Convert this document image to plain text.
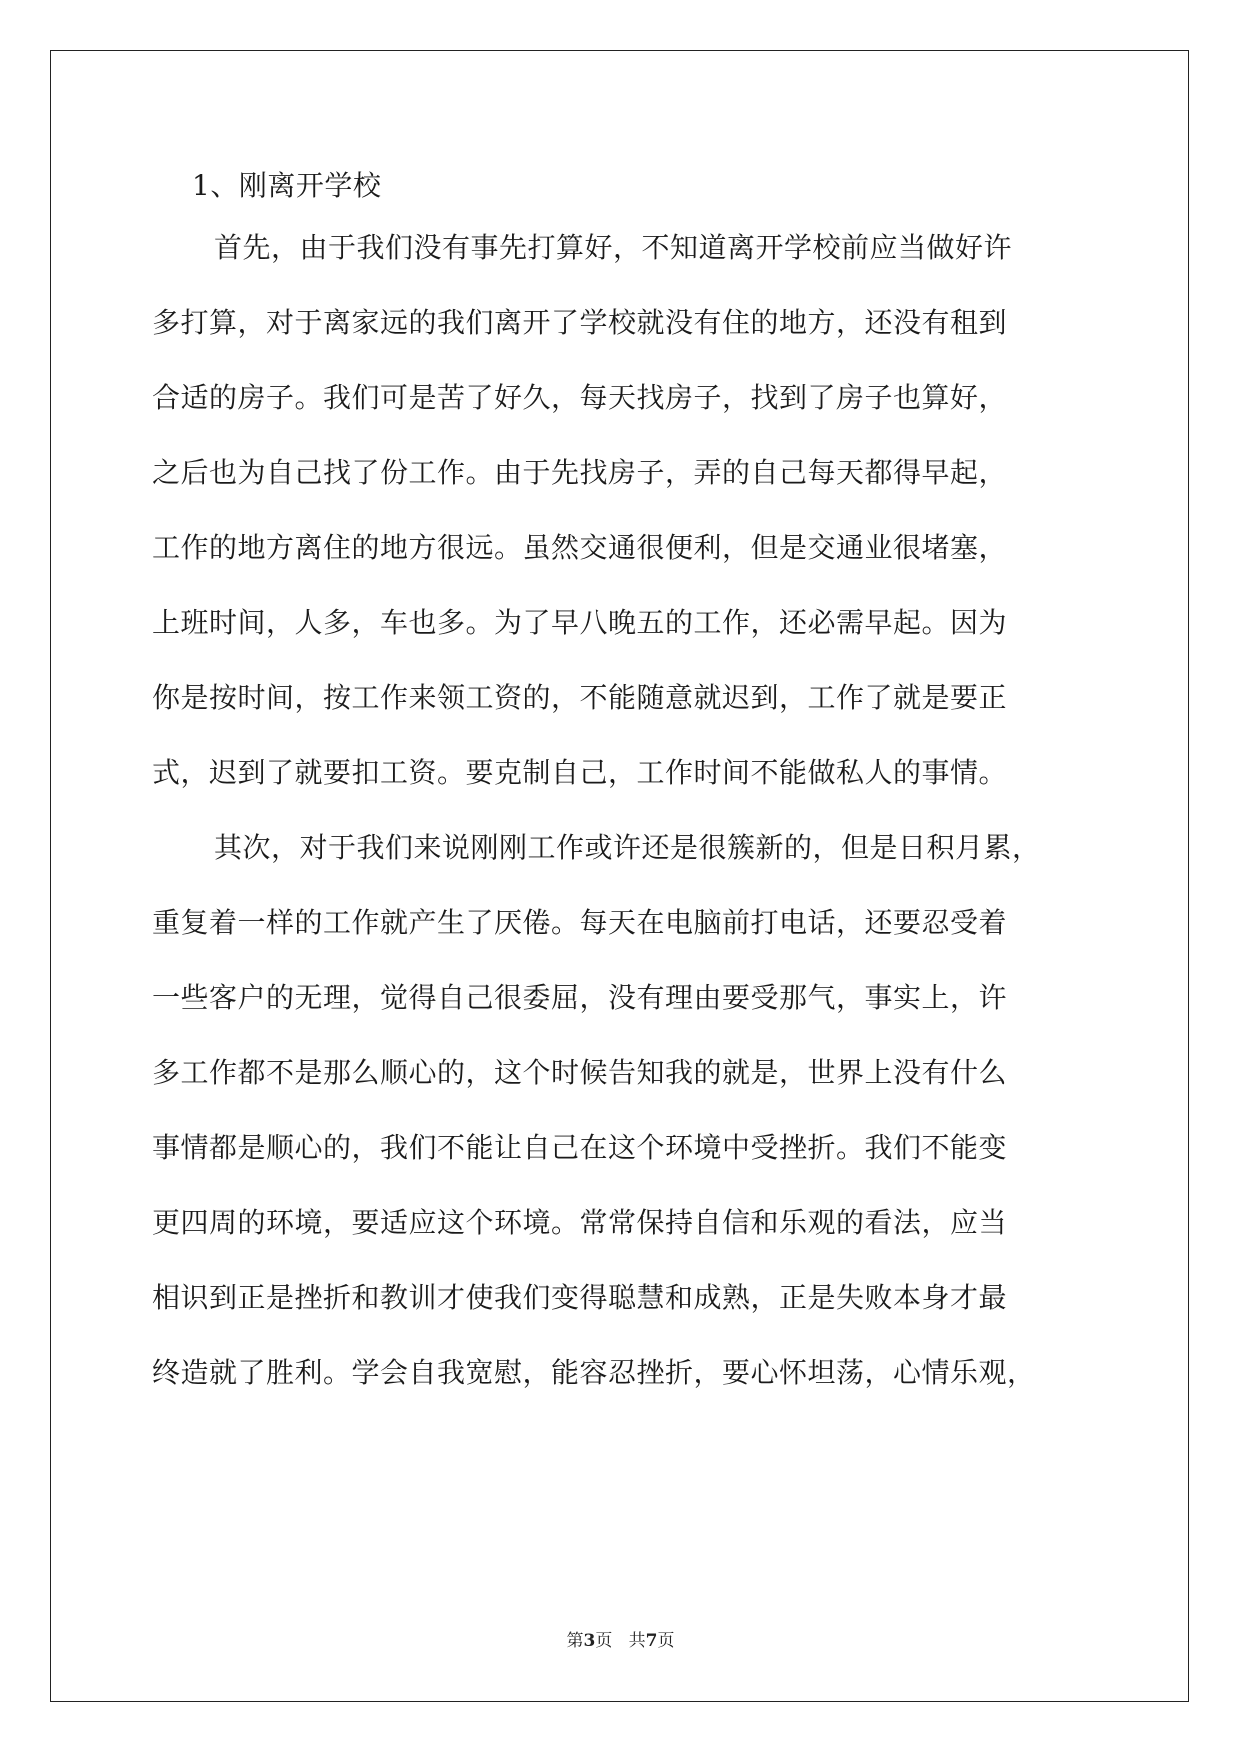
1、刚离开学校
首先，由于我们没有事先打算好，不知道离开学校前应当做好许
多打算，对于离家远的我们离开了学校就没有住的地方，还没有租到
合适的房子。我们可是苦了好久，每天找房子，找到了房子也算好，
之后也为自己找了份工作。由于先找房子，弄的自己每天都得早起，
工作的地方离住的地方很远。虽然交通很便利，但是交通业很堵塞，
上班时间，人多，车也多。为了早八晚五的工作，还必需早起。因为
你是按时间，按工作来领工资的，不能随意就迟到，工作了就是要正
式，迟到了就要扣工资。要克制自己，工作时间不能做私人的事情。
其次，对于我们来说刚刚工作或许还是很簇新的，但是日积月累，
重复着一样的工作就产生了厌倦。每天在电脑前打电话，还要忍受着
一些客户的无理，觉得自己很委屈，没有理由要受那气，事实上，许
多工作都不是那么顺心的，这个时候告知我的就是，世界上没有什么
事情都是顺心的，我们不能让自己在这个环境中受挫折。我们不能变
更四周的环境，要适应这个环境。常常保持自信和乐观的看法，应当
相识到正是挫折和教训才使我们变得聪慧和成熟，正是失败本身才最
终造就了胜利。学会自我宽慰，能容忍挫折，要心怀坦荡，心情乐观，
第3页 共7页
